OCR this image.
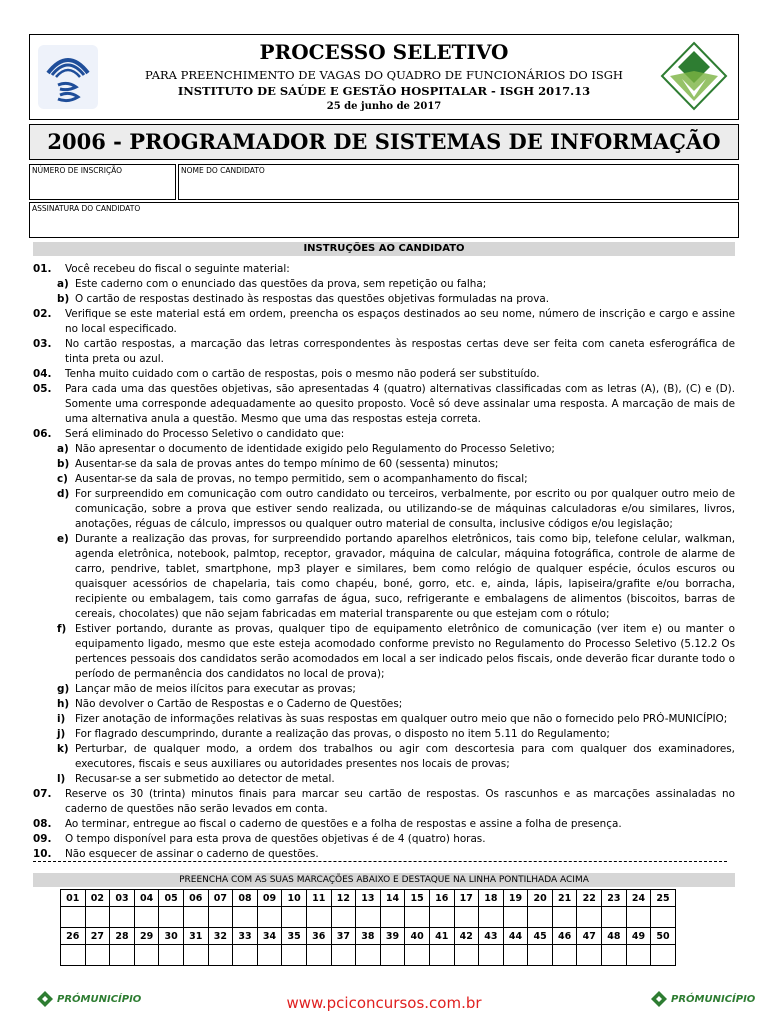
PROCESSO SELETIVO
PARA PREENCHIMENTO DE VAGAS DO QUADRO DE FUNCIONÁRIOS DO ISGH
INSTITUTO DE SAÚDE E GESTÃO HOSPITALAR - ISGH 2017.13
25 de junho de 2017
2006 - PROGRAMADOR DE SISTEMAS DE INFORMAÇÃO
NÚMERO DE INSCRIÇÃO	NOME DO CANDIDATO
ASSINATURA DO CANDIDATO
INSTRUÇÕES AO CANDIDATO
01. Você recebeu do fiscal o seguinte material:
a) Este caderno com o enunciado das questões da prova, sem repetição ou falha;
b) O cartão de respostas destinado às respostas das questões objetivas formuladas na prova.
02. Verifique se este material está em ordem, preencha os espaços destinados ao seu nome, número de inscrição e cargo e assine no local especificado.
03. No cartão respostas, a marcação das letras correspondentes às respostas certas deve ser feita com caneta esferográfica de tinta preta ou azul.
04. Tenha muito cuidado com o cartão de respostas, pois o mesmo não poderá ser substituído.
05. Para cada uma das questões objetivas, são apresentadas 4 (quatro) alternativas classificadas com as letras (A), (B), (C) e (D). Somente uma corresponde adequadamente ao quesito proposto. Você só deve assinalar uma resposta. A marcação de mais de uma alternativa anula a questão. Mesmo que uma das respostas esteja correta.
06. Será eliminado do Processo Seletivo o candidato que:
a) Não apresentar o documento de identidade exigido pelo Regulamento do Processo Seletivo;
b) Ausentar-se da sala de provas antes do tempo mínimo de 60 (sessenta) minutos;
c) Ausentar-se da sala de provas, no tempo permitido, sem o acompanhamento do fiscal;
d) For surpreendido em comunicação com outro candidato ou terceiros, verbalmente, por escrito ou por qualquer outro meio de comunicação, sobre a prova que estiver sendo realizada, ou utilizando-se de máquinas calculadoras e/ou similares, livros, anotações, réguas de cálculo, impressos ou qualquer outro material de consulta, inclusive códigos e/ou legislação;
e) Durante a realização das provas, for surpreendido portando aparelhos eletrônicos, tais como bip, telefone celular, walkman, agenda eletrônica, notebook, palmtop, receptor, gravador, máquina de calcular, máquina fotográfica, controle de alarme de carro, pendrive, tablet, smartphone, mp3 player e similares, bem como relógio de qualquer espécie, óculos escuros ou quaisquer acessórios de chapelaria, tais como chapéu, boné, gorro, etc. e, ainda, lápis, lapiseira/grafite e/ou borracha, recipiente ou embalagem, tais como garrafas de água, suco, refrigerante e embalagens de alimentos (biscoitos, barras de cereais, chocolates) que não sejam fabricadas em material transparente ou que estejam com o rótulo;
f) Estiver portando, durante as provas, qualquer tipo de equipamento eletrônico de comunicação (ver item e) ou manter o equipamento ligado, mesmo que este esteja acomodado conforme previsto no Regulamento do Processo Seletivo (5.12.2 Os pertences pessoais dos candidatos serão acomodados em local a ser indicado pelos fiscais, onde deverão ficar durante todo o período de permanência dos candidatos no local de prova);
g) Lançar mão de meios ilícitos para executar as provas;
h) Não devolver o Cartão de Respostas e o Caderno de Questões;
i) Fizer anotação de informações relativas às suas respostas em qualquer outro meio que não o fornecido pelo PRÓ-MUNICÍPIO;
j) For flagrado descumprindo, durante a realização das provas, o disposto no item 5.11 do Regulamento;
k) Perturbar, de qualquer modo, a ordem dos trabalhos ou agir com descortesia para com qualquer dos examinadores, executores, fiscais e seus auxiliares ou autoridades presentes nos locais de provas;
l) Recusar-se a ser submetido ao detector de metal.
07. Reserve os 30 (trinta) minutos finais para marcar seu cartão de respostas. Os rascunhos e as marcações assinaladas no caderno de questões não serão levados em conta.
08. Ao terminar, entregue ao fiscal o caderno de questões e a folha de respostas e assine a folha de presença.
09. O tempo disponível para esta prova de questões objetivas é de 4 (quatro) horas.
10. Não esquecer de assinar o caderno de questões.
PREENCHA COM AS SUAS MARCAÇÕES ABAIXO E DESTAQUE NA LINHA PONTILHADA ACIMA
01	02	03	04	05	06	07	08	09	10	11	12	13	14	15	16	17	18	19	20	21	22	23	24	25

26	27	28	29	30	31	32	33	34	35	36	37	38	39	40	41	42	43	44	45	46	47	48	49	50

PRÓMUNICÍPIO	www.pciconcursos.com.br	PRÓMUNICÍPIO
